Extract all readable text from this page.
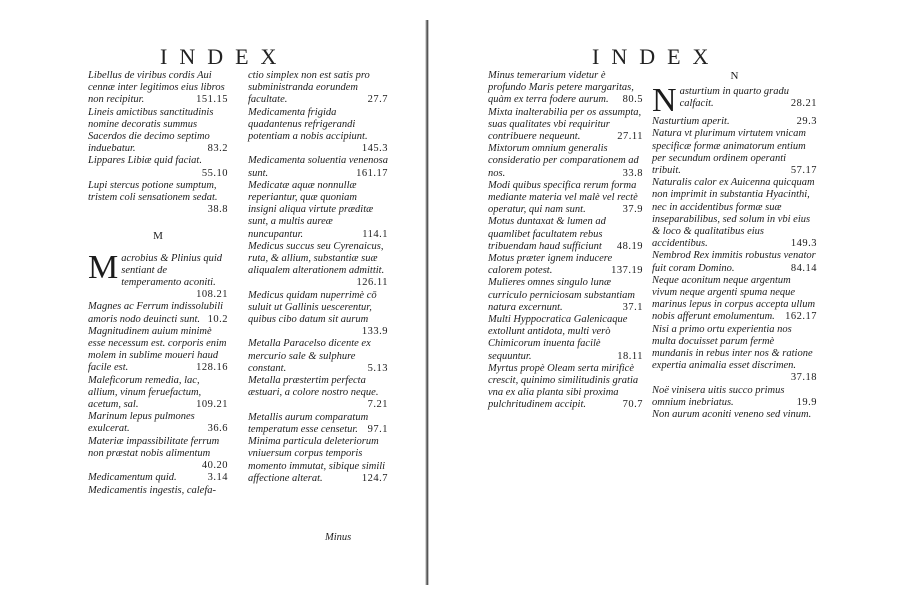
INDEX
Libellus de viribus cordis Aui cennæ inter legitimos eius libros non recipitur.	151.15
Lineis amictibus sanctitudinis nomine decoratis summus Sacerdos die decimo septimo induebatur.	83.2
Lippares Libiæ quid faciat.
55.10
Lupi stercus potione sumptum, tristem coli sensationem sedat.
38.8
M
Macrobius & Plinius quid sentiant de temperamento aconiti.
108.21
Magnes ac Ferrum indissolubili amoris nodo deuincti sunt. 10.2
Magnitudinem auium minimè esse necessum est. corporis enim molem in sublime moueri haud facile est.	128.16
Maleficorum remedia, lac, allium, vinum feruefactum, acetum, sal.	109.21
Marinum lepus pulmones exulcerat.	36.6
Materiæ impassibilitate ferrum non præstat nobis alimentum
40.20
Medicamentum quid.	3.14
Medicamentis ingestis, calefa-
ctio simplex non est satis pro subministranda eorundem facultate.	27.7
Medicamenta frigida quadantenus refrigerandi potentiam a nobis accipiunt.
145.3
Medicamenta soluentia venenosa sunt.	161.17
Medicatæ aquæ nonnullæ reperiantur, quæ quoniam insigni aliqua virtute præditæ sunt, a multis aureæ nuncupantur.	114.1
Medicus succus seu Cyrenaicus, ruta, & allium, substantiæ suæ aliqualem alterationem admittit.
126.11
Medicus quidam nuperrimè cō suluit ut Gallinis uescerentur, quibus cibo datum sit aurum
133.9
Metalla Paracelso dicente ex mercurio sale & sulphure constant.	5.13
Metalla præstertim perfecta æstuari, a colore nostro neque.
7.21
Metallis aurum comparatum temperatum esse censetur. 97.1
Minima particula deleteriorum vniuersum corpus temporis momento immutat, sibique simili affectione alterat.	124.7
Minus
INDEX
Minus temerarium videtur è profundo Maris petere margaritas, quàm ex terra fodere aurum. 80.5
Mixta inalterabilia per os assumpta, suas qualitates vbi requiritur contribuere nequeunt.	27.11
Mixtorum omnium generalis consideratio per comparationem ad nos.	33.8
Modi quibus specifica rerum forma mediante materia vel malè vel rectè operatur, qui nam sunt.	37.9
Motus duntaxat & lumen ad quamlibet facultatem rebus tribuendam haud sufficiunt 48.19
Motus præter ignem inducere calorem potest.	137.19
Mulieres omnes singulo lunæ curriculo perniciosam substantiam natura excernunt.	37.1
Multi Hyppocratica Galenicaque extollunt antidota, multi verò Chimicorum inuenta facilè sequuntur.	18.11
Myrtus propè Oleam serta mirificè crescit, quinimo similitudinis gratia vna ex alia planta sibi proxima pulchritudinem accipit.	70.7
N
Nasturtium in quarto gradu calfacit.	28.21
Nasturtium aperit.	29.3
Natura vt plurimum virtutem vnicam specificæ formæ animatorum entium per secundum ordinem operanti tribuit.	57.17
Naturalis calor ex Auicenna quicquam non imprimit in substantia Hyacinthi, nec in accidentibus formæ suæ inseparabilibus, sed solum in vbi eius & loco & qualitatibus eius accidentibus.	149.3
Nembrod Rex immitis robustus venator fuit coram Domino.	84.14
Neque aconitum neque argentum vivum neque argenti spuma neque marinus lepus in corpus accepta ullum nobis afferunt emolumentum. 162.17
Nisi a primo ortu experientia nos multa docuisset parum fermè mundanis in rebus inter nos & ratione expertia animalia esset discrimen.
37.18
Noë vinisera uitis succo primus omnium inebriatus.	19.9
Non aurum aconiti veneno sed vinum.
